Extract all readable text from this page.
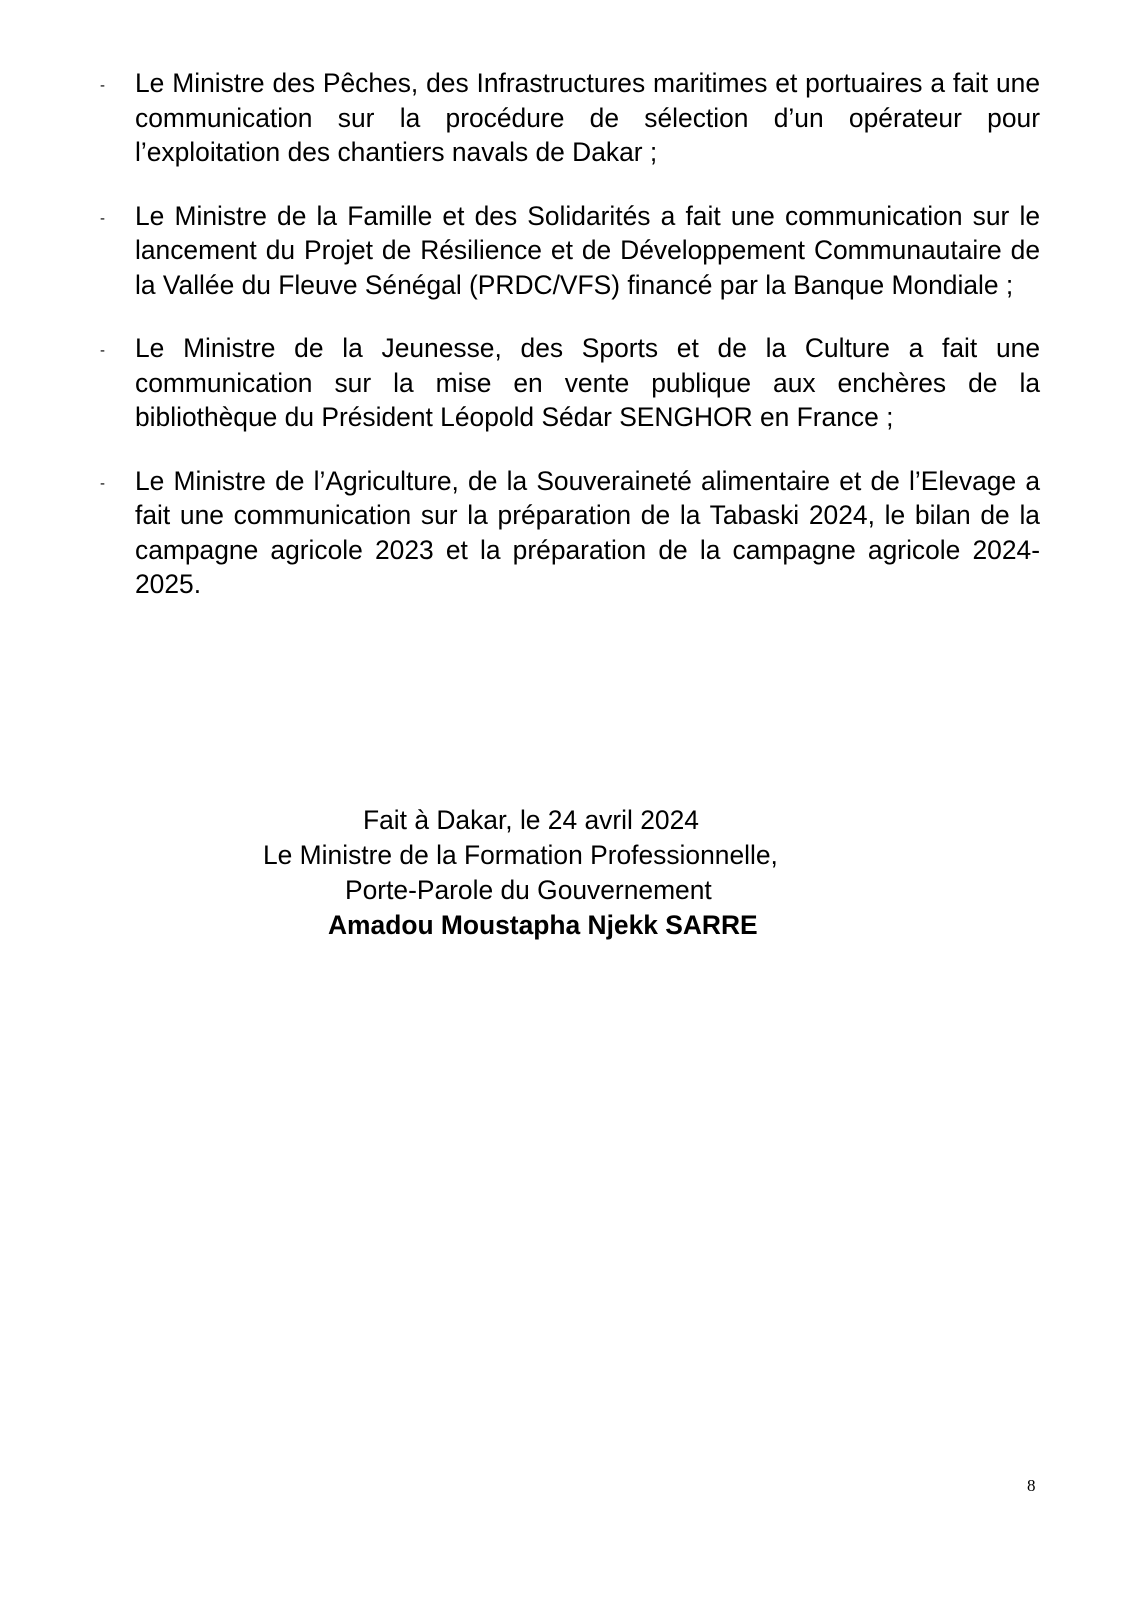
- Le Ministre des Pêches, des Infrastructures maritimes et portuaires a fait une communication sur la procédure de sélection d’un opérateur pour l’exploitation des chantiers navals de Dakar ;
- Le Ministre de la Famille et des Solidarités a fait une communication sur le lancement du Projet de Résilience et de Développement Communautaire de la Vallée du Fleuve Sénégal (PRDC/VFS) financé par la Banque Mondiale ;
- Le Ministre de la Jeunesse, des Sports et de la Culture a fait une communication sur la mise en vente publique aux enchères de la bibliothèque du Président Léopold Sédar SENGHOR en France ;
- Le Ministre de l’Agriculture, de la Souveraineté alimentaire et de l’Elevage a fait une communication sur la préparation de la Tabaski 2024, le bilan de la campagne agricole 2023 et la préparation de la campagne agricole 2024-2025.
Fait à Dakar, le 24 avril 2024
Le Ministre de la Formation Professionnelle,
Porte-Parole du Gouvernement
Amadou Moustapha Njekk SARRE
8
